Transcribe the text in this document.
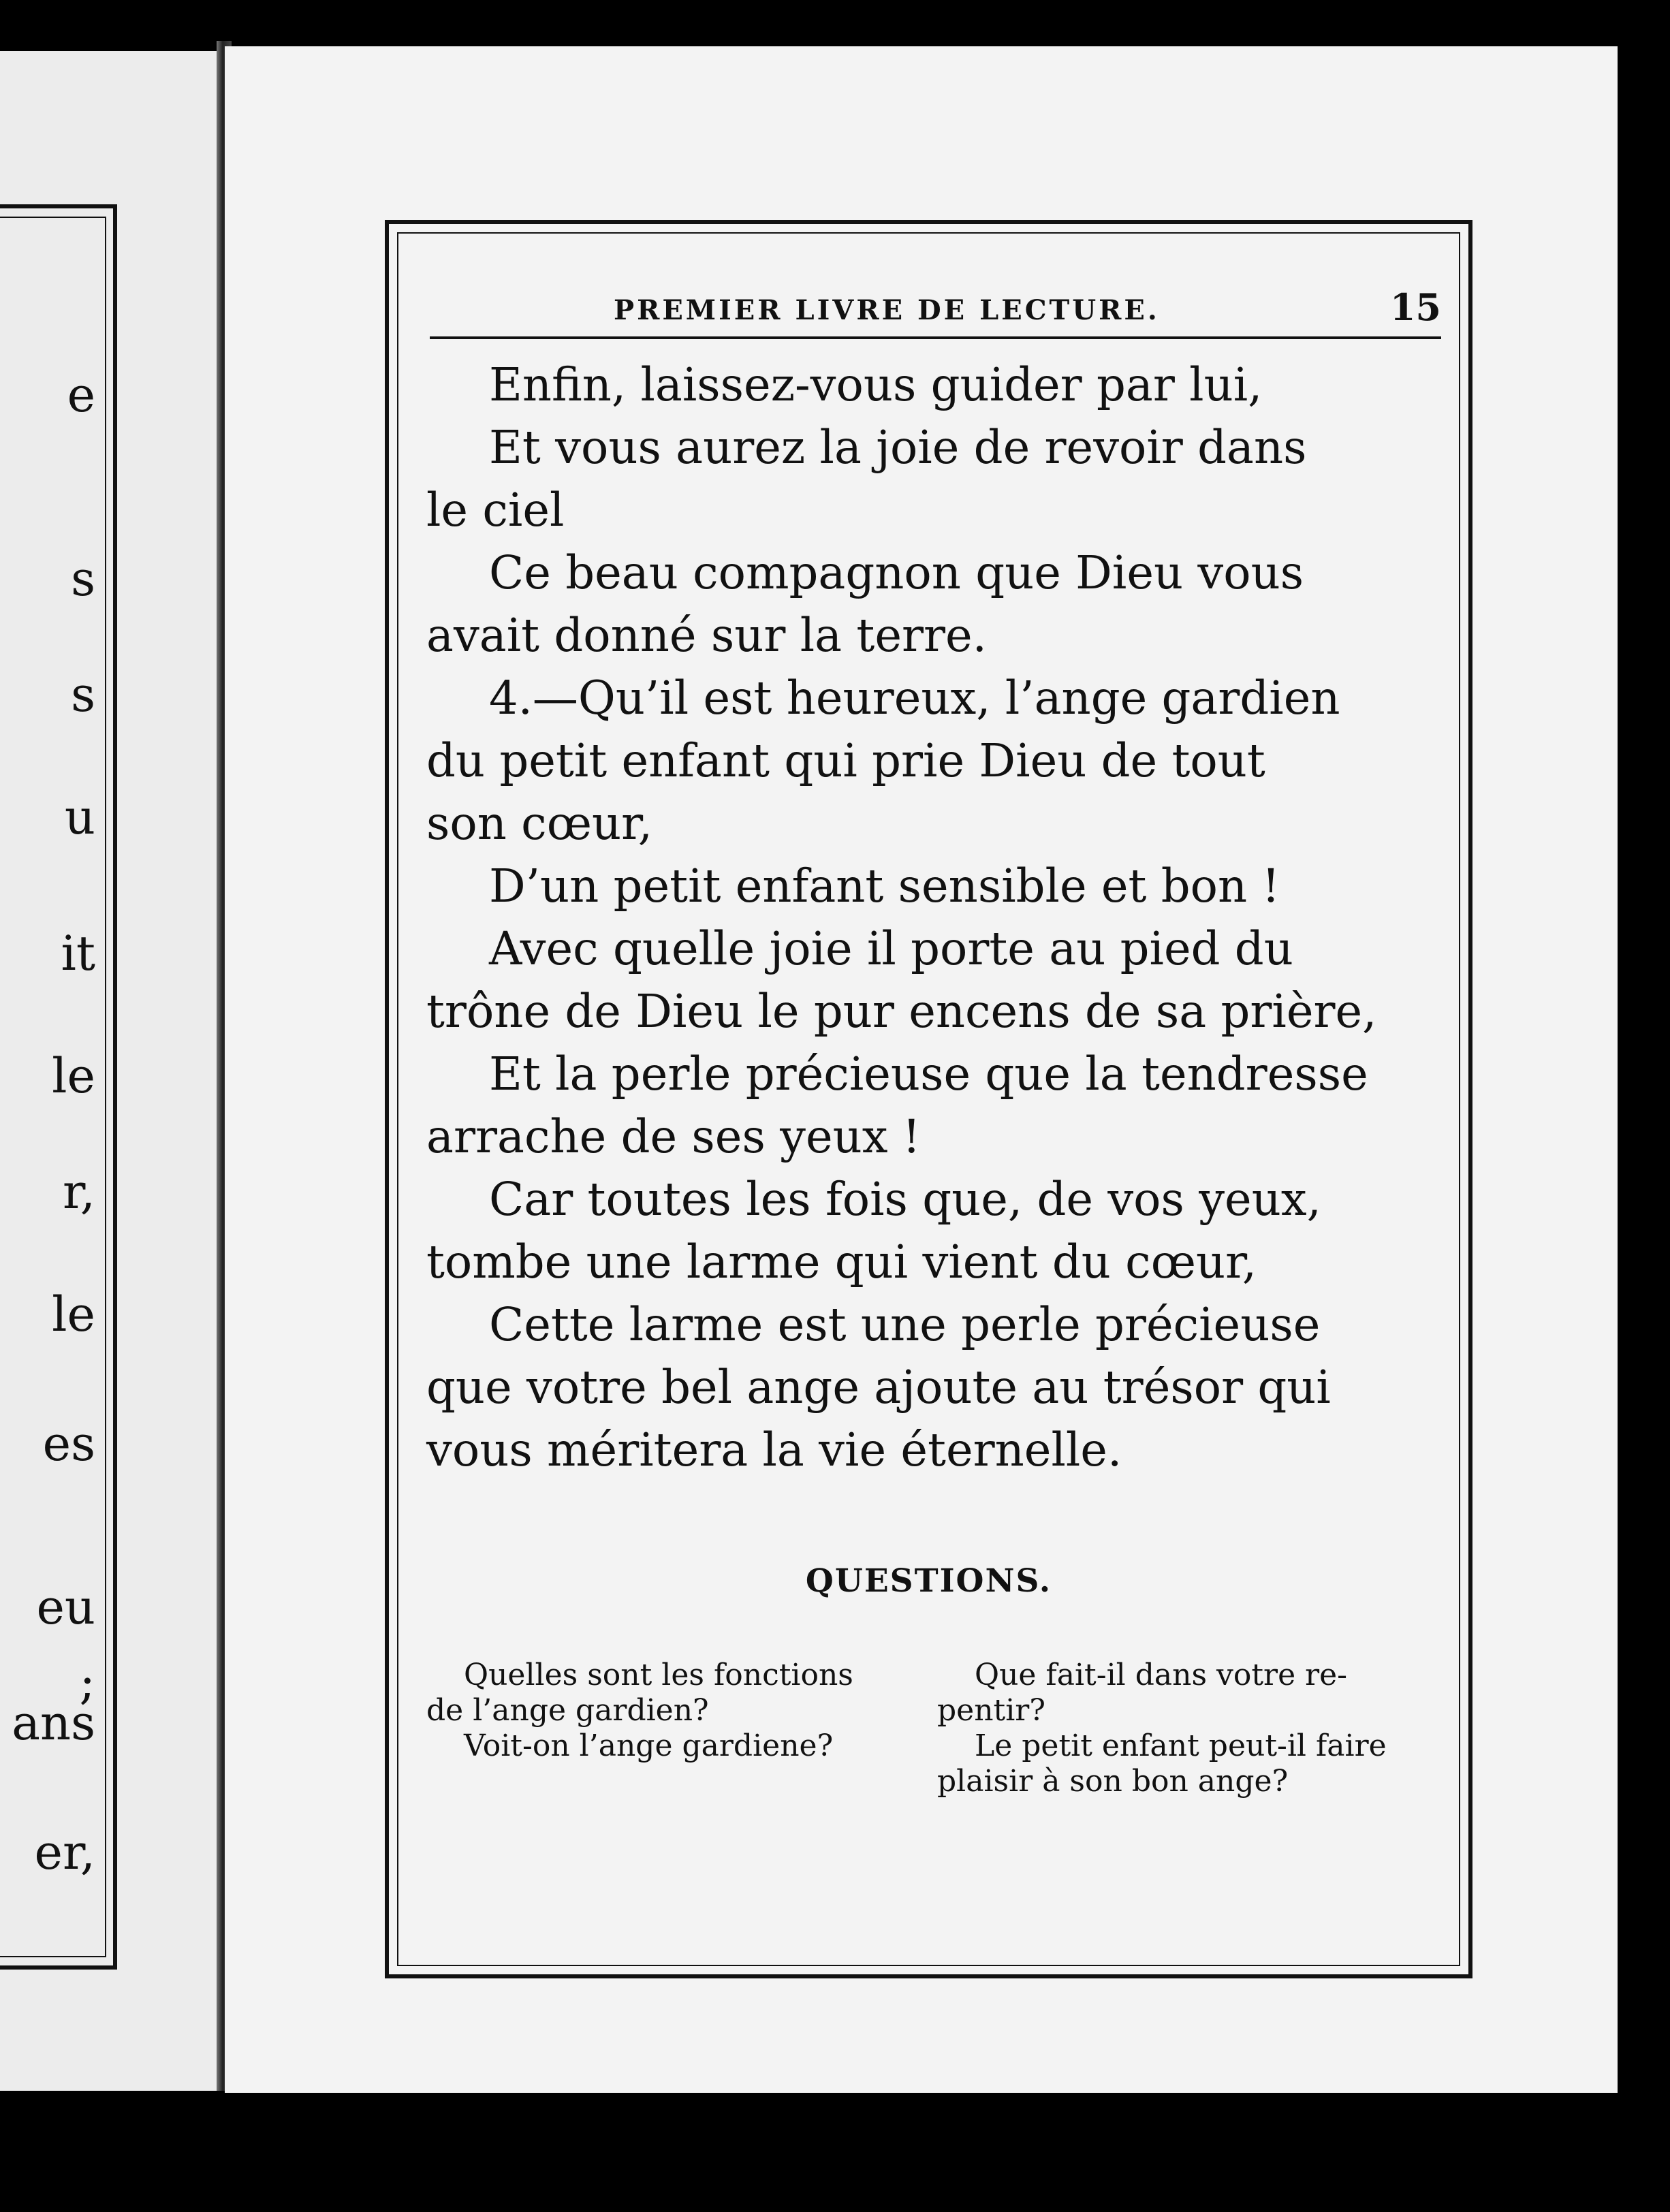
e
s
s
u
it
le
r,
le
es
eu
;
ans
er,
PREMIER LIVRE DE LECTURE.	15
Enfin, laissez-vous guider par lui,
Et vous aurez la joie de revoir dans
le ciel
Ce beau compagnon que Dieu vous
avait donné sur la terre.
4.—Qu’il est heureux, l’ange gardien
du petit enfant qui prie Dieu de tout
son cœur,
D’un petit enfant sensible et bon !
Avec quelle joie il porte au pied du
trône de Dieu le pur encens de sa prière,
Et la perle précieuse que la tendresse
arrache de ses yeux !
Car toutes les fois que, de vos yeux,
tombe une larme qui vient du cœur,
Cette larme est une perle précieuse
que votre bel ange ajoute au trésor qui
vous méritera la vie éternelle.
QUESTIONS.
Quelles sont les fonctions
de l’ange gardien?
Voit-on l’ange gardiene?
Que fait-il dans votre re-
pentir?
Le petit enfant peut-il faire
plaisir à son bon ange?
